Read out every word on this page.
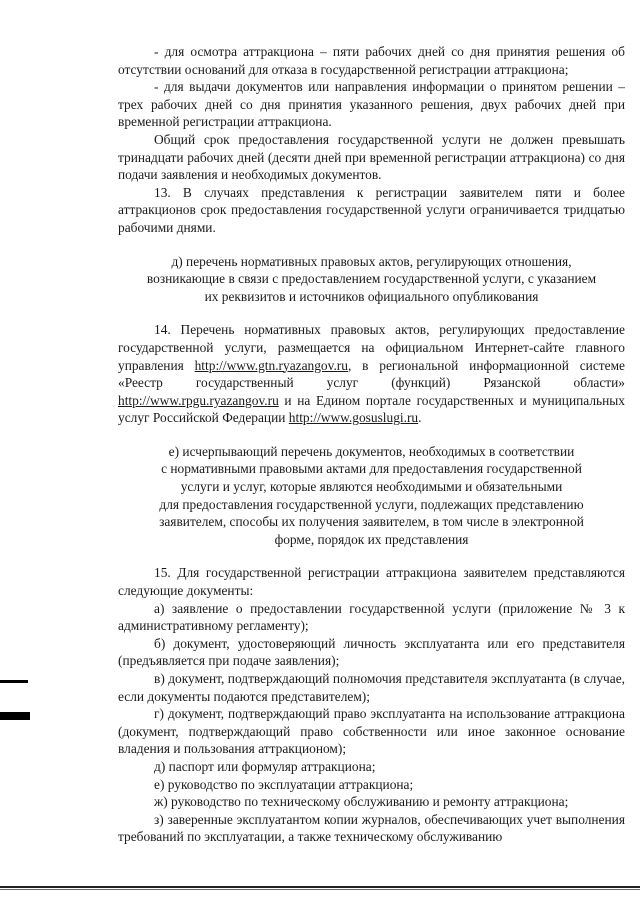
- для осмотра аттракциона – пяти рабочих дней со дня принятия решения об отсутствии оснований для отказа в государственной регистрации аттракциона;

- для выдачи документов или направления информации о принятом решении – трех рабочих дней со дня принятия указанного решения, двух рабочих дней при временной регистрации аттракциона.

Общий срок предоставления государственной услуги не должен превышать тринадцати рабочих дней (десяти дней при временной регистрации аттракциона) со дня подачи заявления и необходимых документов.

13. В случаях представления к регистрации заявителем пяти и более аттракционов срок предоставления государственной услуги ограничивается тридцатью рабочими днями.

д) перечень нормативных правовых актов, регулирующих отношения,

возникающие в связи с предоставлением государственной услуги, с указанием

их реквизитов и источников официального опубликования

14. Перечень нормативных правовых актов, регулирующих предоставление государственной услуги, размещается на официальном Интернет-сайте главного управления http://www.gtn.ryazangov.ru, в региональной информационной системе «Реестр государственный услуг (функций) Рязанской области» http://www.rpgu.ryazangov.ru и на Едином портале государственных и муниципальных услуг Российской Федерации http://www.gosuslugi.ru.

е) исчерпывающий перечень документов, необходимых в соответствии

с нормативными правовыми актами для предоставления государственной

услуги и услуг, которые являются необходимыми и обязательными

для предоставления государственной услуги, подлежащих представлению

заявителем, способы их получения заявителем, в том числе в электронной

форме, порядок их представления

15. Для государственной регистрации аттракциона заявителем представляются следующие документы:

а) заявление о предоставлении государственной услуги (приложение № 3 к административному регламенту);

б) документ, удостоверяющий личность эксплуатанта или его представителя (предъявляется при подаче заявления);

в) документ, подтверждающий полномочия представителя эксплуатанта (в случае, если документы подаются представителем);

г) документ, подтверждающий право эксплуатанта на использование аттракциона (документ, подтверждающий право собственности или иное законное основание владения и пользования аттракционом);

д) паспорт или формуляр аттракциона;

е) руководство по эксплуатации аттракциона;

ж) руководство по техническому обслуживанию и ремонту аттракциона;

з) заверенные эксплуатантом копии журналов, обеспечивающих учет выполнения требований по эксплуатации, а также техническому обслуживанию
